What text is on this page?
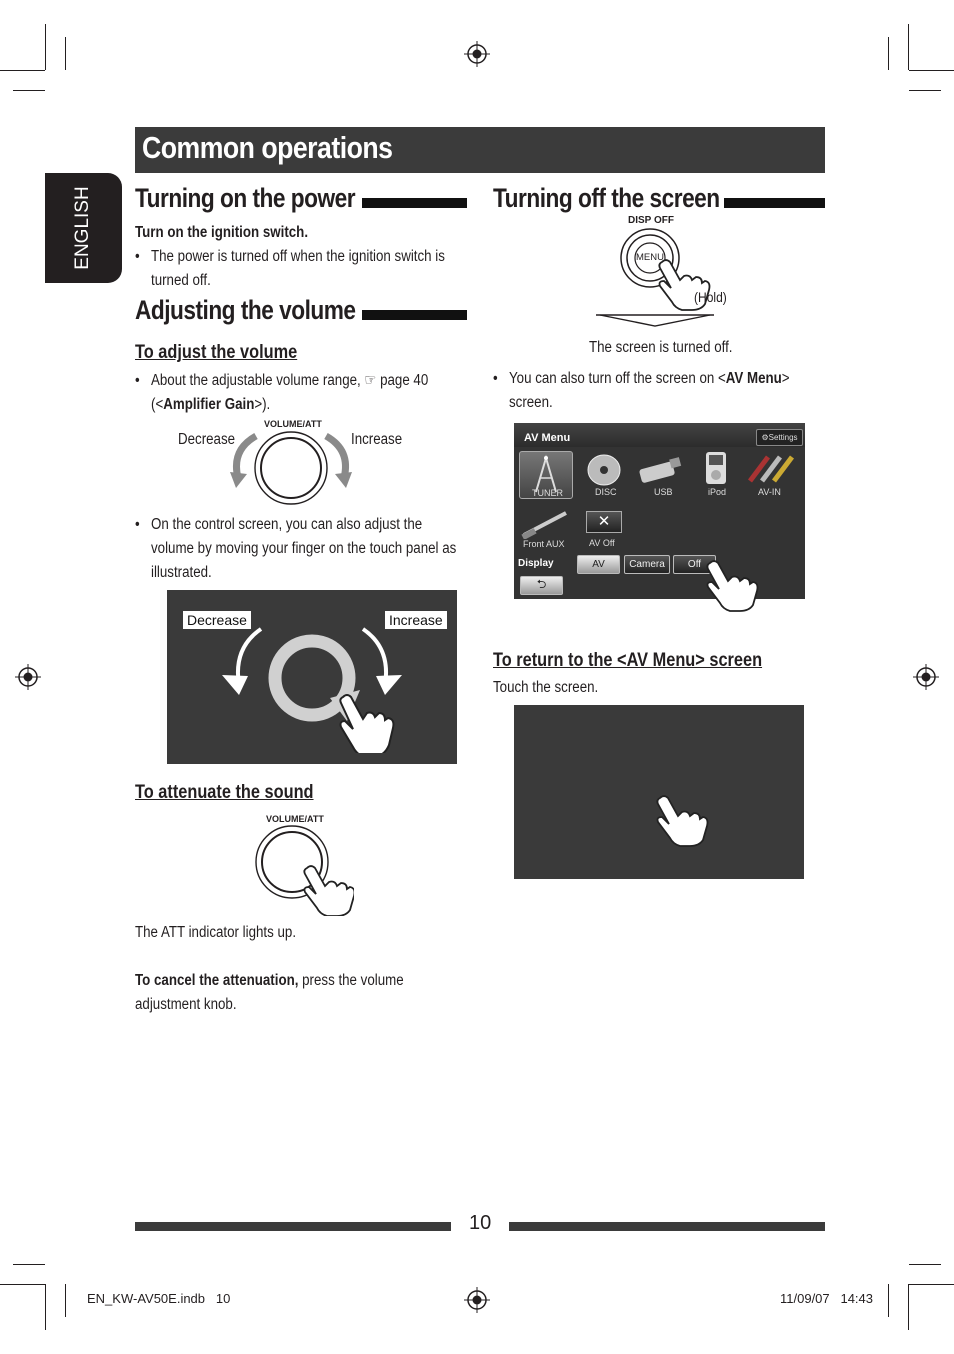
Common operations
ENGLISH Turning on the power
Turn on the ignition switch.
• The power is turned off when the ignition switch is
turned off.
Adjusting the volume
To adjust the volume
• About the adjustable volume range, ☞ page 40
(<Amplifier Gain>).
VOLUME/ATT
Decrease	Increase
• On the control screen, you can also adjust the
volume by moving your finger on the touch panel as
illustrated.
Decrease	Increase
To attenuate the sound
VOLUME/ATT
The ATT indicator lights up.
To cancel the attenuation, press the volume
adjustment knob.
Turning off the screen
DISP OFF
MENU
(Hold)
The screen is turned off.
• You can also turn off the screen on <AV Menu>
screen.
AV Menu	⚙Settings
TUNER	DISC	USB	iPod	AV-IN
Front AUX
✕
AV Off
Display	AV	Camera	Off
⮌
To return to the <AV Menu> screen
Touch the screen.
10
EN_KW-AV50E.indb   10	11/09/07   14:43
